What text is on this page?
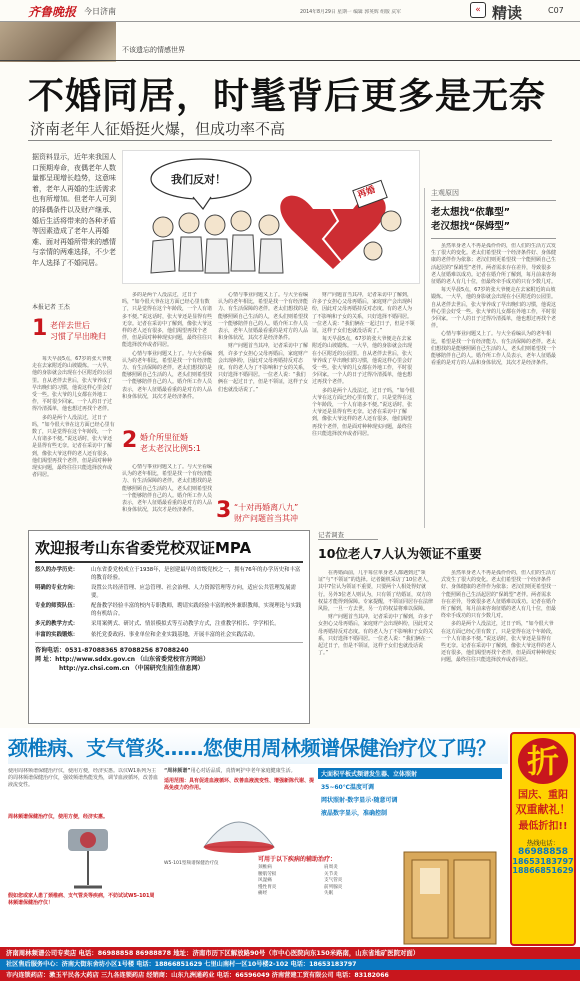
齐鲁晚报 今日济南	2014年8月29日 星期一 编辑 郭英辉 组版 庆军	« 精读	C07
不该遗忘的情感世界
不婚同居，时髦背后更多是无奈
济南老年人征婚挺火爆，但成功率不高
据资料显示，近年来我国人口预期寿命，夜偶老年人数量都呈现增长趋势，这意味着，老年人再婚的生活需求也有所增加。但老年人可到的择偶条件以及财产继承、婚后生活将带来的各种矛盾等因素造成了老年人再婚难、面对再婚所带来的感情与亲情的两难选择，不少老年人选择了不婚同居。
我们反对！
再婚
本报记者 王杰
1 老伴去世后
习惯了早出晚归
2 婚介所里征婚
老太老汉比例5:1
3 “十对再婚离八九”
财产问题首当其冲

每天早晨5点，67岁的张大爷便走在去家附近的山坡锻炼。一大早，他的身影就会出现在小区附近的公园里。自从老伴去世后，张大爷养成了早出晚归的习惯，他说这样心里会好受一些。张大爷的儿女都在外地工作，平时很少回家。一个人的日子过得冷清孤单，他也想过再找个老伴。

多的是两个人没法过，过日子吗，“如今很大爷在这方面已经心里有数了，只是觉得在这个年龄段，一个人有诸多不便。”说这话时，张大爷还是显得有些无奈。记者在采访中了解到，像张大爷这样的老人还有很多，他们渴望再找个老伴，但是面对种种现实问题，最终往往只能选择放弃或者同居。

多的是两个人没法过，过日子吗，“如今很大爷在这方面已经心里有数了，只是觉得在这个年龄段，一个人有诸多不便。”说这话时，张大爷还是显得有些无奈。记者在采访中了解到，像张大爷这样的老人还有很多，他们渴望再找个老伴，但是面对种种现实问题，最终往往只能选择放弃或者同居。

心情与事业问题又上了。与大全看编认为的老年相比，希望是找一个有经济能力、有生活保障的老伴。老太们想找的是能够照顾自己生活的人，老头们则希望找一个能够陪伴自己的人。婚介所工作人员表示，老年人征婚最看重的是对方的人品和身体状况，其次才是经济条件。

心情与事业问题又上了。与大全看编认为的老年相比，希望是找一个有经济能力、有生活保障的老伴。老太们想找的是能够照顾自己生活的人，老头们则希望找一个能够陪伴自己的人。婚介所工作人员表示，老年人征婚最看重的是对方的人品和身体状况，其次才是经济条件。

心情与事业问题又上了。与大全看编认为的老年相比，希望是找一个有经济能力、有生活保障的老伴。老太们想找的是能够照顾自己生活的人，老头们则希望找一个能够陪伴自己的人。婚介所工作人员表示，老年人征婚最看重的是对方的人品和身体状况，其次才是经济条件。

财产问题首当其冲，记者采访中了解到，许多子女担心父母再婚后，家庭财产会出现纠纷，因此对父母再婚持反对态度。有的老人为了不影响和子女的关系，只好选择不婚同居。一位老人说：“我们俩在一起过日子，但是不领证，这样子女们也就没话说了。”

财产问题首当其冲，记者采访中了解到，许多子女担心父母再婚后，家庭财产会出现纠纷，因此对父母再婚持反对态度。有的老人为了不影响和子女的关系，只好选择不婚同居。一位老人说：“我们俩在一起过日子，但是不领证，这样子女们也就没话说了。”

每天早晨5点，67岁的张大爷便走在去家附近的山坡锻炼。一大早，他的身影就会出现在小区附近的公园里。自从老伴去世后，张大爷养成了早出晚归的习惯，他说这样心里会好受一些。张大爷的儿女都在外地工作，平时很少回家。一个人的日子过得冷清孤单，他也想过再找个老伴。

多的是两个人没法过，过日子吗，“如今很大爷在这方面已经心里有数了，只是觉得在这个年龄段，一个人有诸多不便。”说这话时，张大爷还是显得有些无奈。记者在采访中了解到，像张大爷这样的老人还有很多，他们渴望再找个老伴，但是面对种种现实问题，最终往往只能选择放弃或者同居。

主观原因
老太想找“依靠型”
老汉想找“保姆型”

虽然单身老人不再是孤伶伶的，但人们的生活方式发生了很大的变化。老太们希望找一个经济条件好、身体健康的老伴作为依靠；老汉们则更希望找一个能照顾自己生活起居的“保姆型”老伴。两者需求存在差异，导致很多老人征婚难以成功。记者在婚介所了解到，每月前来咨询征婚的老人有几十位，但最终牵手成功的只有少数几对。

每天早晨5点，67岁的张大爷便走在去家附近的山坡锻炼。一大早，他的身影就会出现在小区附近的公园里。自从老伴去世后，张大爷养成了早出晚归的习惯，他说这样心里会好受一些。张大爷的儿女都在外地工作，平时很少回家。一个人的日子过得冷清孤单，他也想过再找个老伴。

心情与事业问题又上了。与大全看编认为的老年相比，希望是找一个有经济能力、有生活保障的老伴。老太们想找的是能够照顾自己生活的人，老头们则希望找一个能够陪伴自己的人。婚介所工作人员表示，老年人征婚最看重的是对方的人品和身体状况，其次才是经济条件。

欢迎报考山东省委党校双证MPA
悠久的办学历史：	山东省委党校成立于1938年，是创建最早的省级党校之一，拥有76年的办学历史和丰富的教育经验。
明确的专业方向：	设置公共经济管理、应急管理、社会治理、人力资源管理等方向，适应公共管理发展需要。
专业的师资队伍：	配备教学经验丰富的校内专职教师，聘请实践经验丰富的校外兼职教师，实现理论与实践的有机结合。
多元的教学方式：	采用案例式、研讨式、情景模拟式等互动教学方式，注重教学相长、学学相长。
丰富的实践锻炼：	依托党委政府、事业单位和企业实践基地，开展丰富的社会实践活动。
咨询电话：0531-87088365 87088256 87088240
网 址：http://www.sddx.gov.cn （山东省委党校官方网站）
http://yz.chsi.com.cn （中国研究生招生信息网）
记者调查
10位老人7人认为领证不重要

在再婚面前，几乎每位单身老人都遇到过“领证”与“不领证”的选择。记者随机采访了10位老人，其中7位认为领证不重要，只要两个人相处得好就行。另外3位老人则认为，只有领了结婚证，双方的权益才能得到保障。专家提醒，不领证同居存在法律风险，一旦一方去世，另一方的权益将难以保障。

财产问题首当其冲，记者采访中了解到，许多子女担心父母再婚后，家庭财产会出现纠纷，因此对父母再婚持反对态度。有的老人为了不影响和子女的关系，只好选择不婚同居。一位老人说：“我们俩在一起过日子，但是不领证，这样子女们也就没话说了。”

虽然单身老人不再是孤伶伶的，但人们的生活方式发生了很大的变化。老太们希望找一个经济条件好、身体健康的老伴作为依靠；老汉们则更希望找一个能照顾自己生活起居的“保姆型”老伴。两者需求存在差异，导致很多老人征婚难以成功。记者在婚介所了解到，每月前来咨询征婚的老人有几十位，但最终牵手成功的只有少数几对。

多的是两个人没法过，过日子吗，“如今很大爷在这方面已经心里有数了，只是觉得在这个年龄段，一个人有诸多不便。”说这话时，张大爷还是显得有些无奈。记者在采访中了解到，像张大爷这样的老人还有很多，他们渴望再找个老伴，但是面对种种现实问题，最终往往只能选择放弃或者同居。

颈椎病、支气管炎……您使用周林频谱保健治疗仪了吗？ 折
国庆、重阳
双重献礼！
最低折扣!!
热线电话：
86988858
18653183797
18866851629
使用周林频谱保健治疗仪，使用方便，经济实惠。以仪W1系列为主的周林频谱保健治疗仪，强效频谱热能发热，调节血液循环，改善血液流变性。
周林频谱保健治疗仪，使用方便，经济实惠。
假如您或家人患了颈椎病、支气管炎等疾病，不妨试试W5-101周林频谱保健治疗仪！
“周林频谱”用心对话品质，真情呵护中老年家庭健康生活。
适用范围：具有促进血液循环、改善血液流变性、增强新陈代谢、提高免疫力的作用。
W5-101型频谱保健治疗仪
大面积平板式频谱发生器、立体照射
35~60℃温度可调
网状照射·数字显示·随意可调
液晶数字显示，准确控制
可用于以下疾病的辅助治疗：
颈椎病	肩周炎
腰肌劳损	关节炎
风湿痛	支气管炎
慢性胃炎	前列腺炎
痛经	失眠
济南周林频谱公司专卖店 电话：86988858 86988878 地址：济南市历下区解放路90号（市中心医院向东150米路南，山东省地矿医院对面）
社区售后服务中心：济南大街东舍坊小区1号楼 电话：18866851629 七里山南村一区10号楼2-102 电话：18653183797
市内连锁药店：漱玉平民各大药店 三九各连锁药店 经销商：山东九洲通药业 电话：66596049 济南营建工贸有限公司 电话：83182066
